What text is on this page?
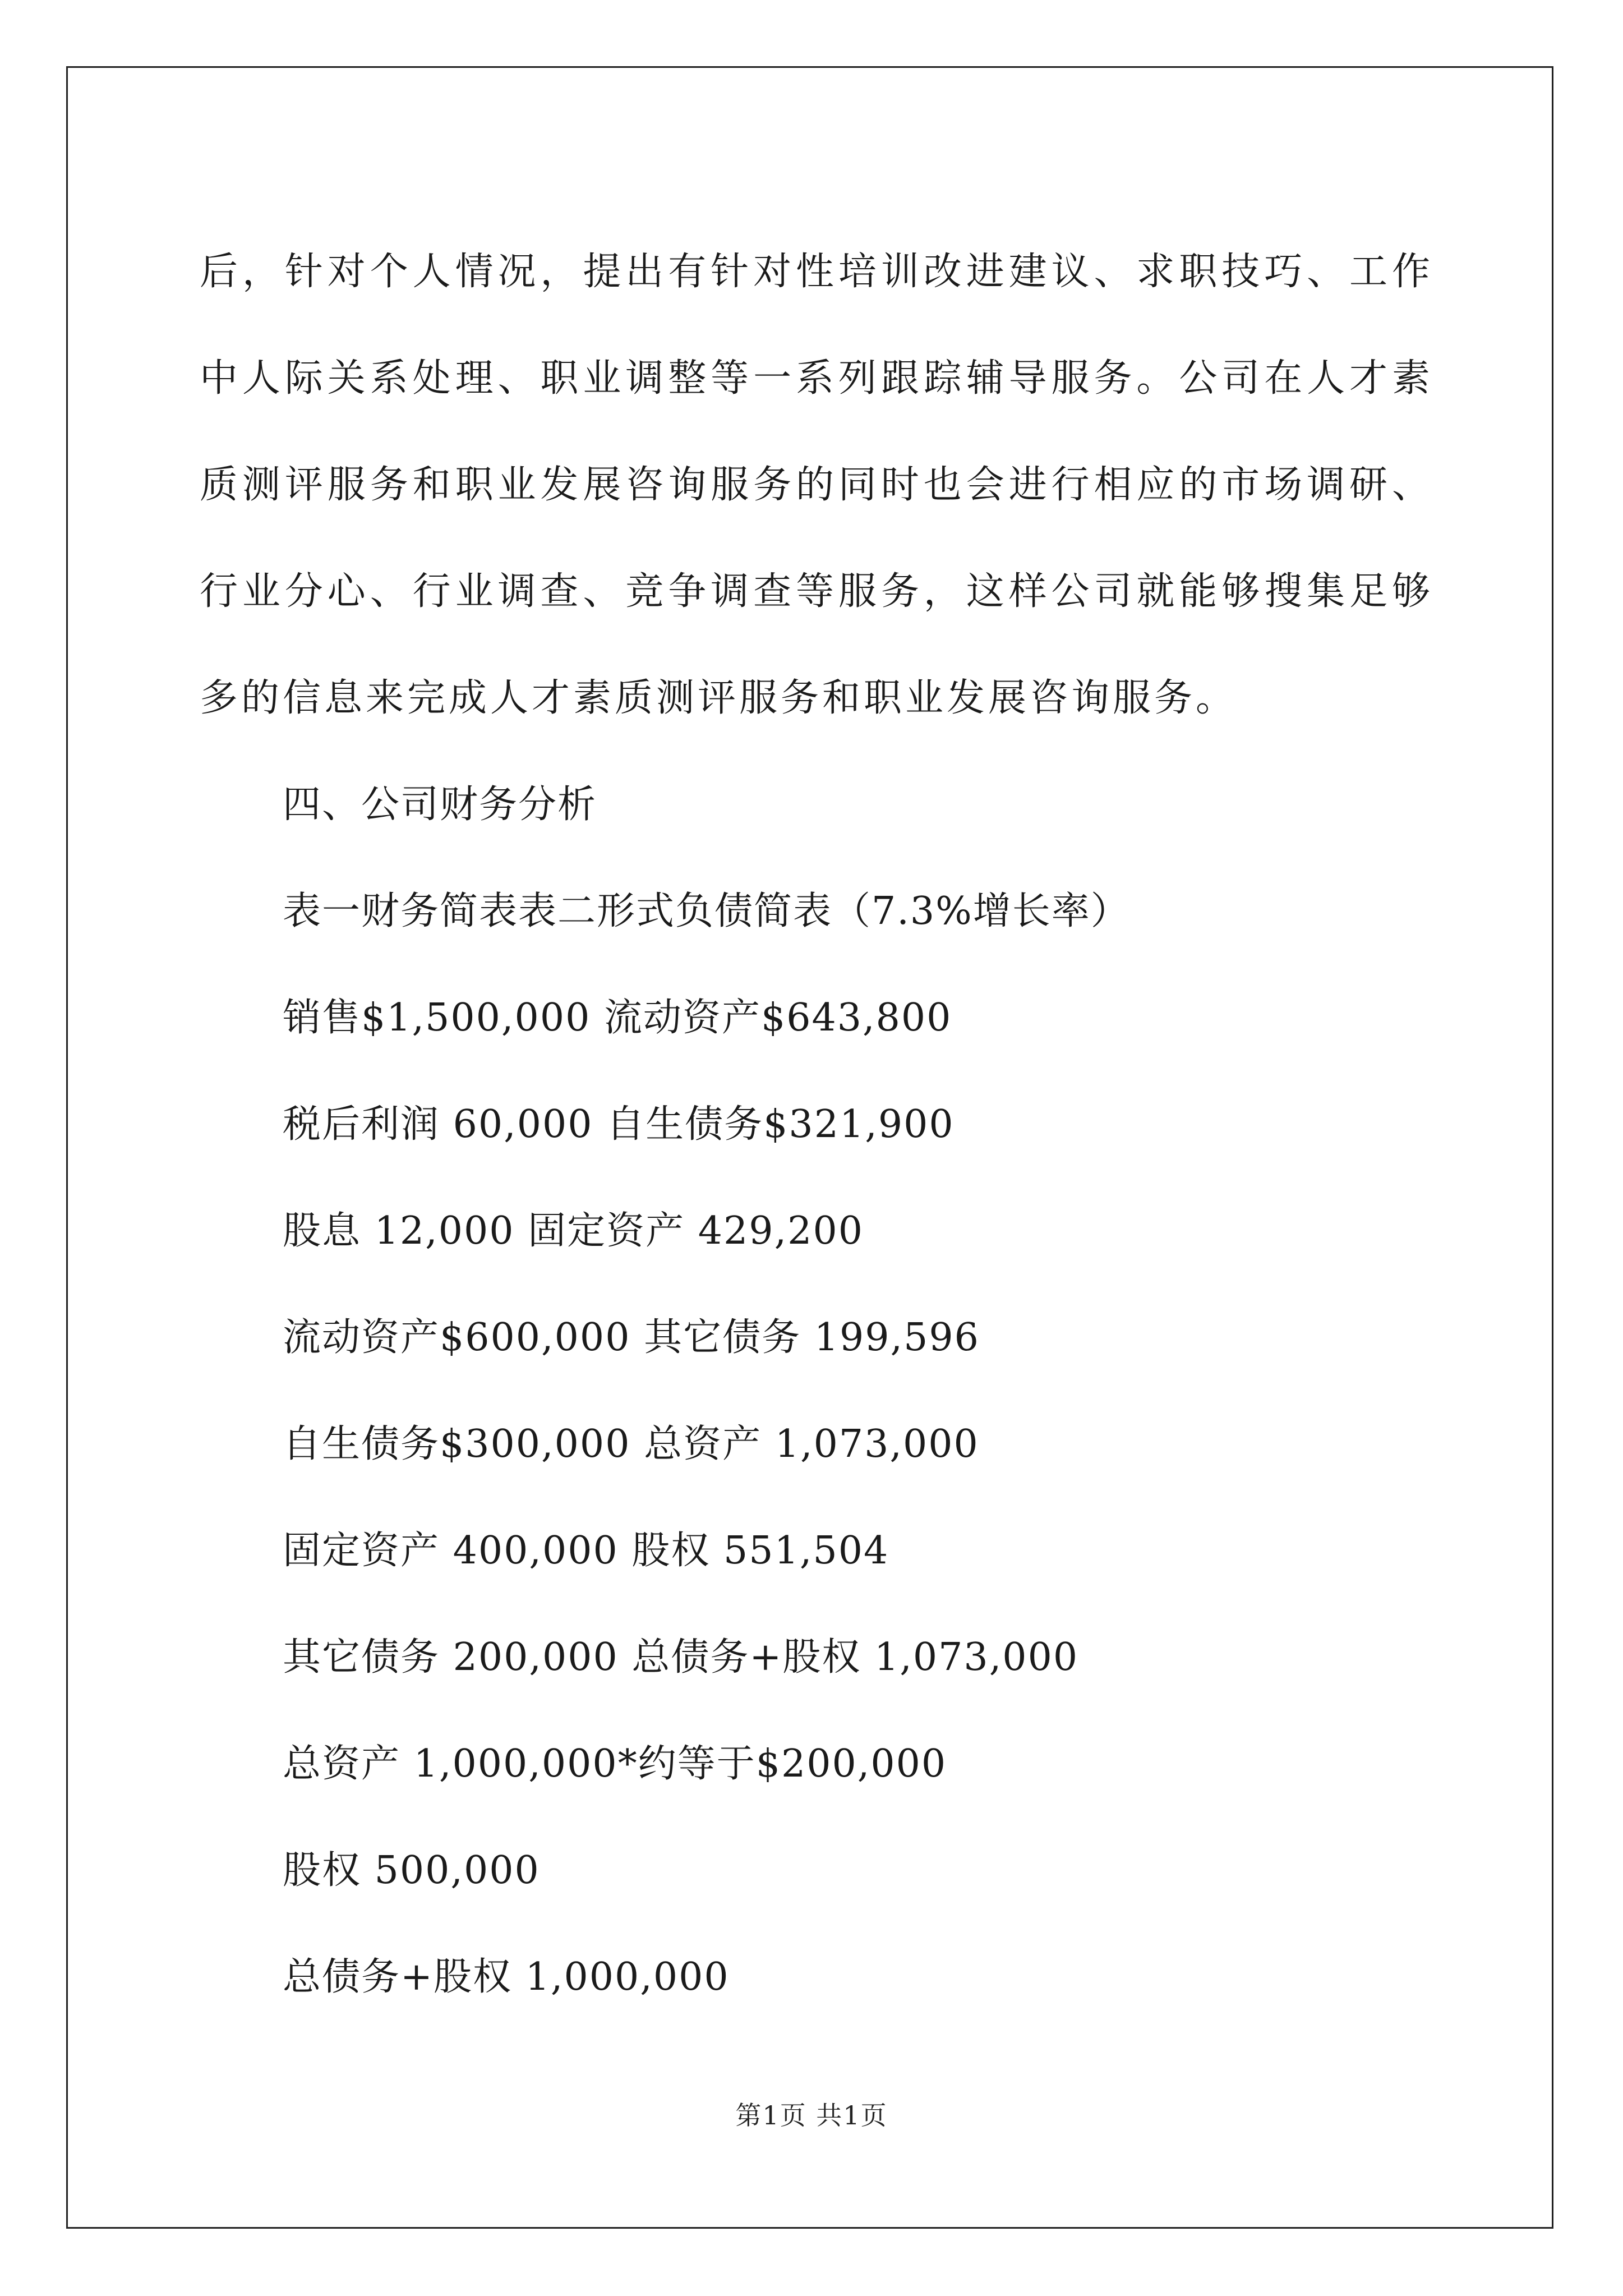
后，针对个人情况，提出有针对性培训改进建议、求职技巧、工作中人际关系处理、职业调整等一系列跟踪辅导服务。公司在人才素质测评服务和职业发展咨询服务的同时也会进行相应的市场调研、行业分心、行业调查、竞争调查等服务，这样公司就能够搜集足够多的信息来完成人才素质测评服务和职业发展咨询服务。

四、公司财务分析

表一财务简表表二形式负债简表（7.3%增长率）

销售$1,500,000 流动资产$643,800

税后利润 60,000 自生债务$321,900

股息 12,000 固定资产 429,200

流动资产$600,000 其它债务 199,596

自生债务$300,000 总资产 1,073,000

固定资产 400,000 股权 551,504

其它债务 200,000 总债务+股权 1,073,000

总资产 1,000,000*约等于$200,000

股权 500,000

总债务+股权 1,000,000

第1页 共1页
